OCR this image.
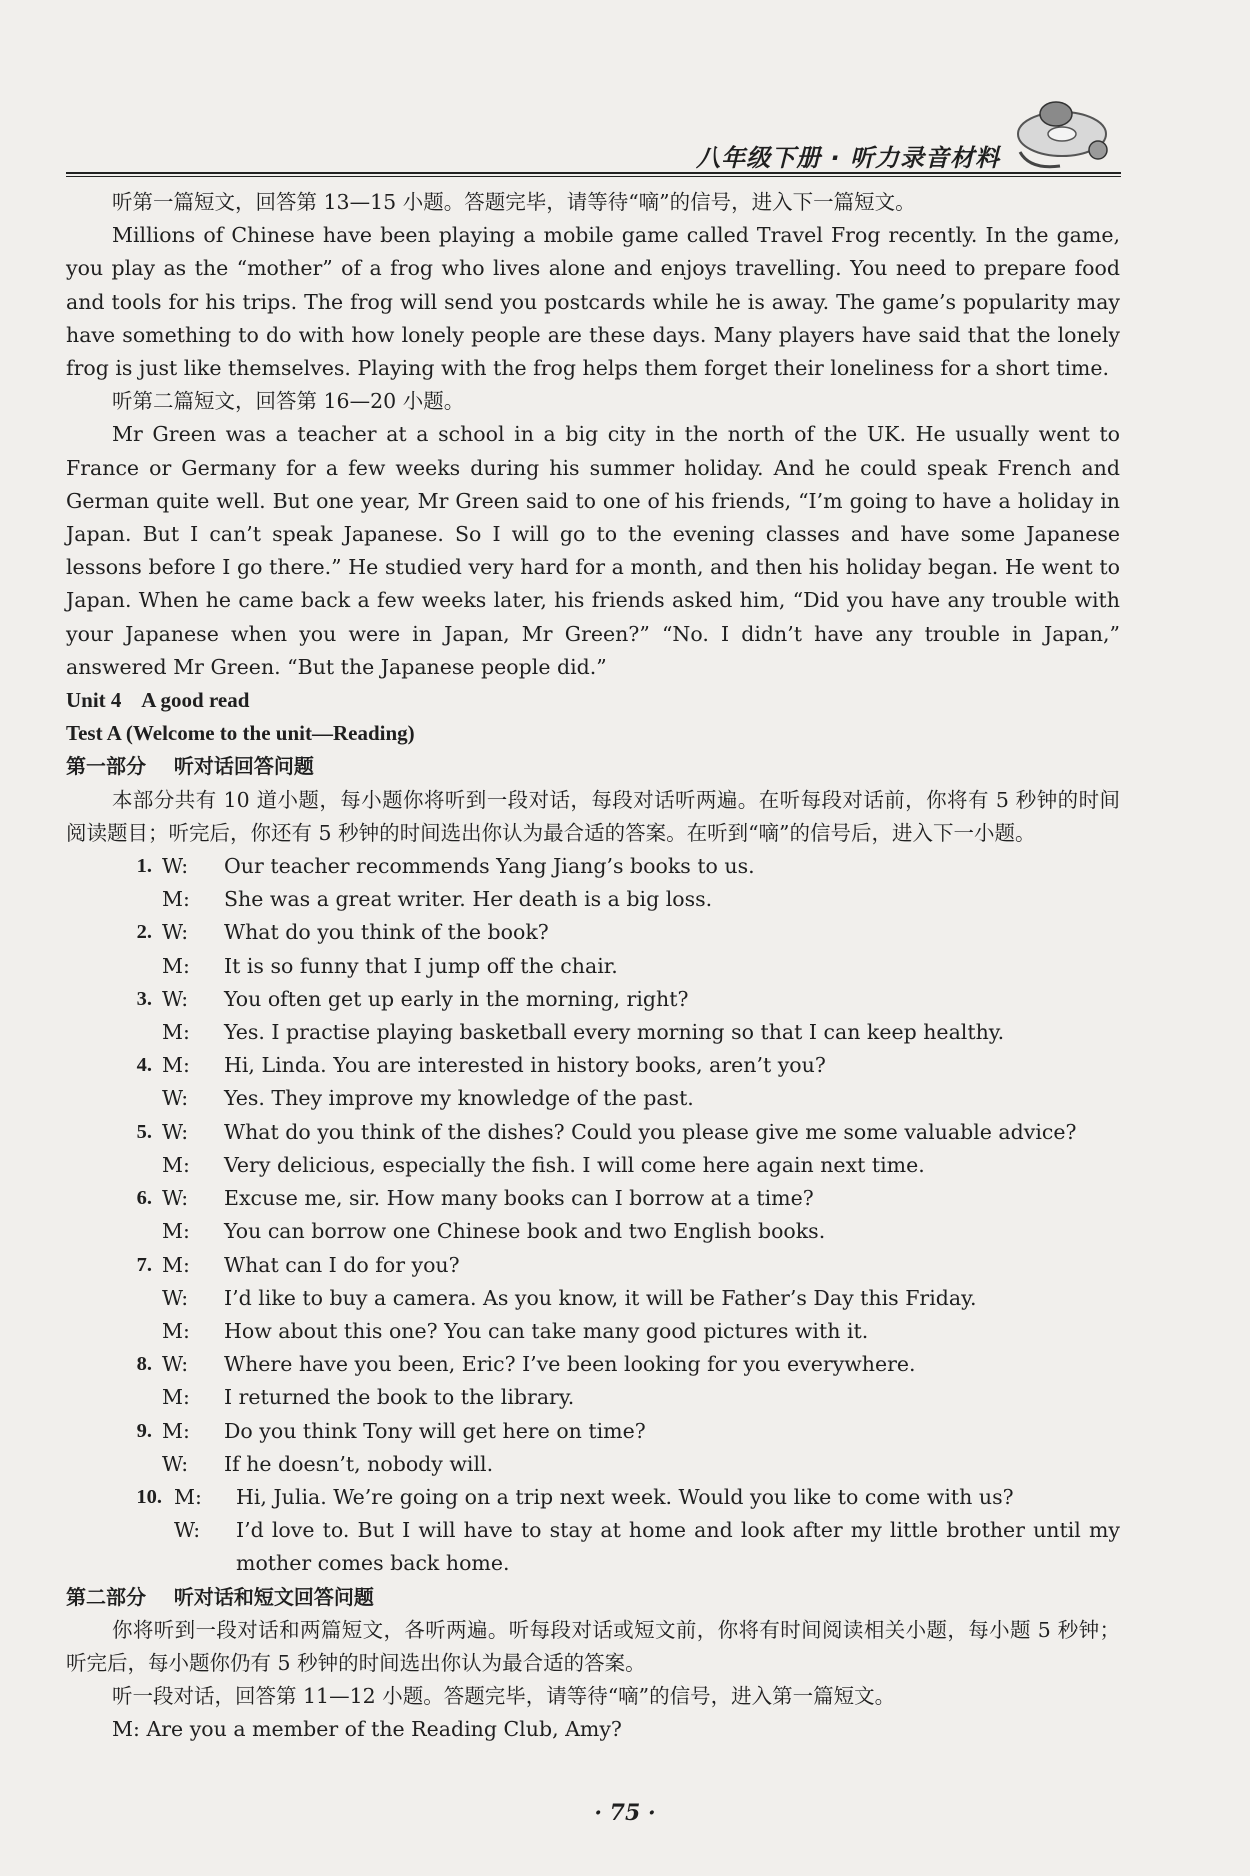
八年级下册 · 听力录音材料

听第一篇短文，回答第 13—15 小题。答题完毕，请等待“嘀”的信号，进入下一篇短文。

Millions of Chinese have been playing a mobile game called Travel Frog recently. In the game, you play as the “mother” of a frog who lives alone and enjoys travelling. You need to prepare food and tools for his trips. The frog will send you postcards while he is away. The game’s popularity may have something to do with how lonely people are these days. Many players have said that the lonely frog is just like themselves. Playing with the frog helps them forget their loneliness for a short time.

听第二篇短文，回答第 16—20 小题。

Mr Green was a teacher at a school in a big city in the north of the UK. He usually went to France or Germany for a few weeks during his summer holiday. And he could speak French and German quite well. But one year, Mr Green said to one of his friends, “I’m going to have a holiday in Japan. But I can’t speak Japanese. So I will go to the evening classes and have some Japanese lessons before I go there.” He studied very hard for a month, and then his holiday began. He went to Japan. When he came back a few weeks later, his friends asked him, “Did you have any trouble with your Japanese when you were in Japan, Mr Green?” “No. I didn’t have any trouble in Japan,” answered Mr Green. “But the Japanese people did.”

Unit 4    A good read

Test A (Welcome to the unit—Reading)

第一部分    听对话回答问题

本部分共有 10 道小题，每小题你将听到一段对话，每段对话听两遍。在听每段对话前，你将有 5 秒钟的时间阅读题目；听完后，你还有 5 秒钟的时间选出你认为最合适的答案。在听到“嘀”的信号后，进入下一小题。

1. W: Our teacher recommends Yang Jiang’s books to us.

M: She was a great writer. Her death is a big loss.

2. W: What do you think of the book?

M: It is so funny that I jump off the chair.

3. W: You often get up early in the morning, right?

M: Yes. I practise playing basketball every morning so that I can keep healthy.

4. M: Hi, Linda. You are interested in history books, aren’t you?

W: Yes. They improve my knowledge of the past.

5. W: What do you think of the dishes? Could you please give me some valuable advice?

M: Very delicious, especially the fish. I will come here again next time.

6. W: Excuse me, sir. How many books can I borrow at a time?

M: You can borrow one Chinese book and two English books.

7. M: What can I do for you?

W: I’d like to buy a camera. As you know, it will be Father’s Day this Friday.

M: How about this one? You can take many good pictures with it.

8. W: Where have you been, Eric? I’ve been looking for you everywhere.

M: I returned the book to the library.

9. M: Do you think Tony will get here on time?

W: If he doesn’t, nobody will.

10. M: Hi, Julia. We’re going on a trip next week. Would you like to come with us?

W: I’d love to. But I will have to stay at home and look after my little brother until my mother comes back home.

第二部分    听对话和短文回答问题

你将听到一段对话和两篇短文，各听两遍。听每段对话或短文前，你将有时间阅读相关小题，每小题 5 秒钟；听完后，每小题你仍有 5 秒钟的时间选出你认为最合适的答案。

听一段对话，回答第 11—12 小题。答题完毕，请等待“嘀”的信号，进入第一篇短文。

M: Are you a member of the Reading Club, Amy?

· 75 ·
